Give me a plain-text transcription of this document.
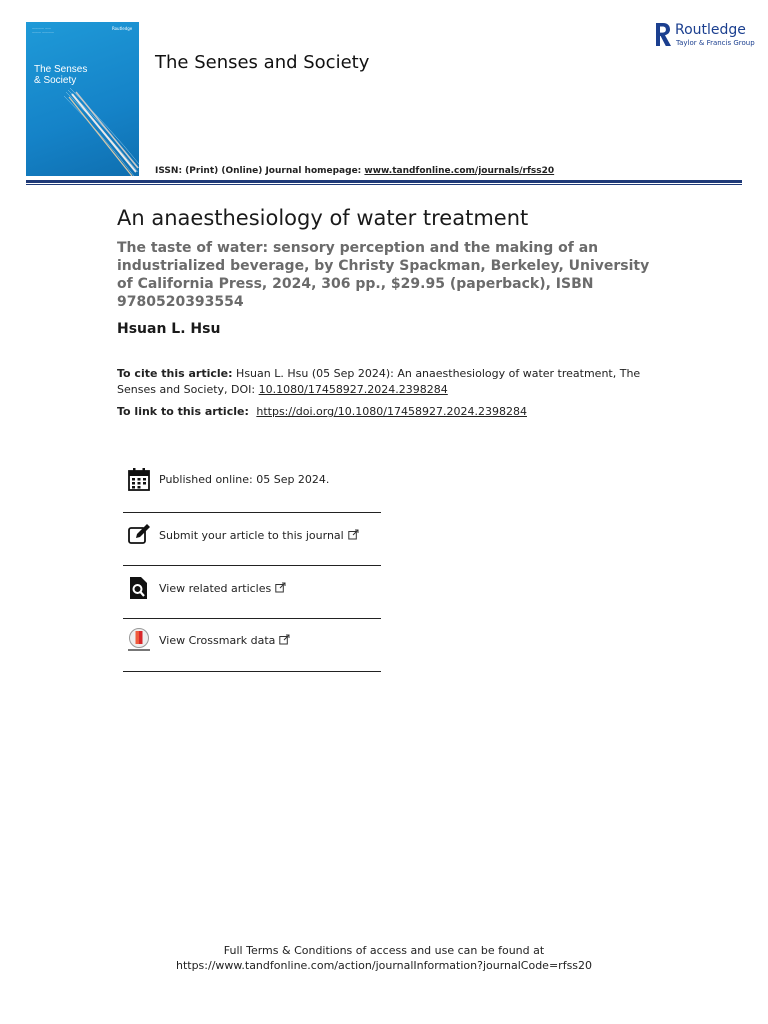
———— ——
——— ————
Routledge
The Senses
& Society
The Senses and Society
Routledge
Taylor & Francis Group
ISSN: (Print) (Online) Journal homepage: www.tandfonline.com/journals/rfss20
An anaesthesiology of water treatment
The taste of water: sensory perception and the making of an industrialized beverage, by Christy Spackman, Berkeley, University of California Press, 2024, 306 pp., $29.95 (paperback), ISBN 9780520393554
Hsuan L. Hsu
To cite this article: Hsuan L. Hsu (05 Sep 2024): An anaesthesiology of water treatment, The Senses and Society, DOI: 10.1080/17458927.2024.2398284
To link to this article: https://doi.org/10.1080/17458927.2024.2398284
Published online: 05 Sep 2024.
Submit your article to this journal
View related articles
View Crossmark data
Full Terms & Conditions of access and use can be found at
https://www.tandfonline.com/action/journalInformation?journalCode=rfss20
